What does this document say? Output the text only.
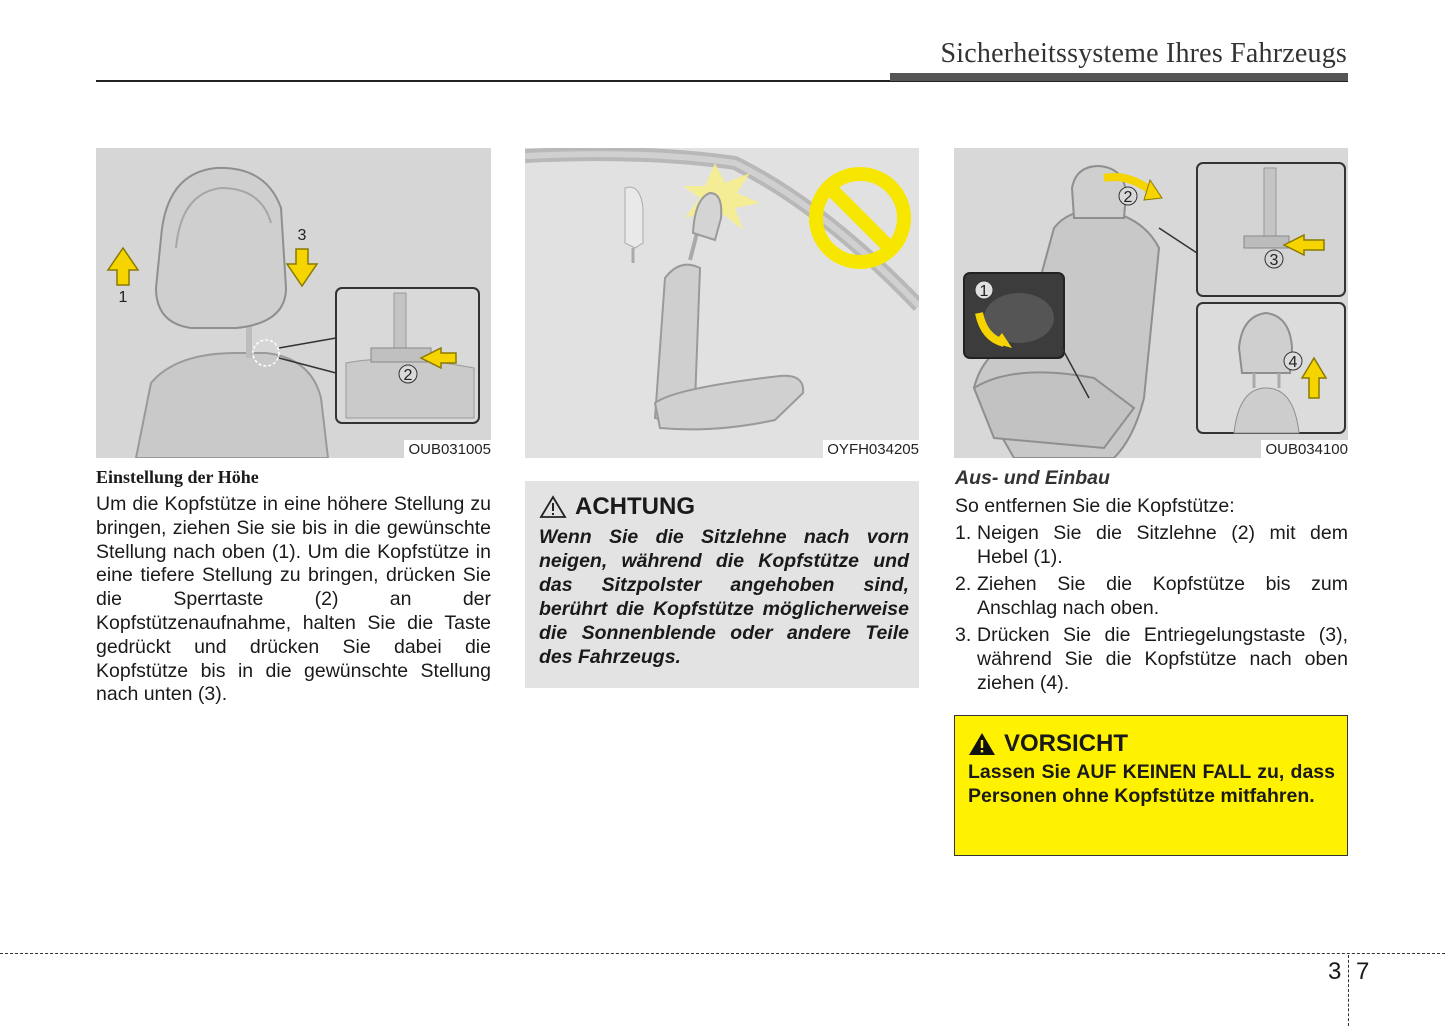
Sicherheitssysteme Ihres Fahrzeugs
1
3
2
OUB031005	OYFH034205
2
1
3
4
OUB034100
Einstellung der Höhe
Um die Kopfstütze in eine höhere Stellung zu bringen, ziehen Sie sie bis in die gewünschte Stellung nach oben (1). Um die Kopfstütze in eine tiefere Stellung zu bringen, drücken Sie die Sperrtaste (2) an der Kopfstützenaufnahme, halten Sie die Taste gedrückt und drücken Sie dabei die Kopfstütze bis in die gewünschte Stellung nach unten (3).
ACHTUNG
Wenn Sie die Sitzlehne nach vorn neigen, während die Kopfstütze und das Sitzpolster angehoben sind, berührt die Kopfstütze möglicherweise die Sonnenblende oder andere Teile des Fahrzeugs.
Aus- und Einbau
So entfernen Sie die Kopfstütze:
1. Neigen Sie die Sitzlehne (2) mit dem Hebel (1).
2. Ziehen Sie die Kopfstütze bis zum Anschlag nach oben.
3. Drücken Sie die Entriegelungstaste (3), während Sie die Kopfstütze nach oben ziehen (4).
VORSICHT
Lassen Sie AUF KEINEN FALL zu, dass Personen ohne Kopfstütze mitfahren.
3 7
